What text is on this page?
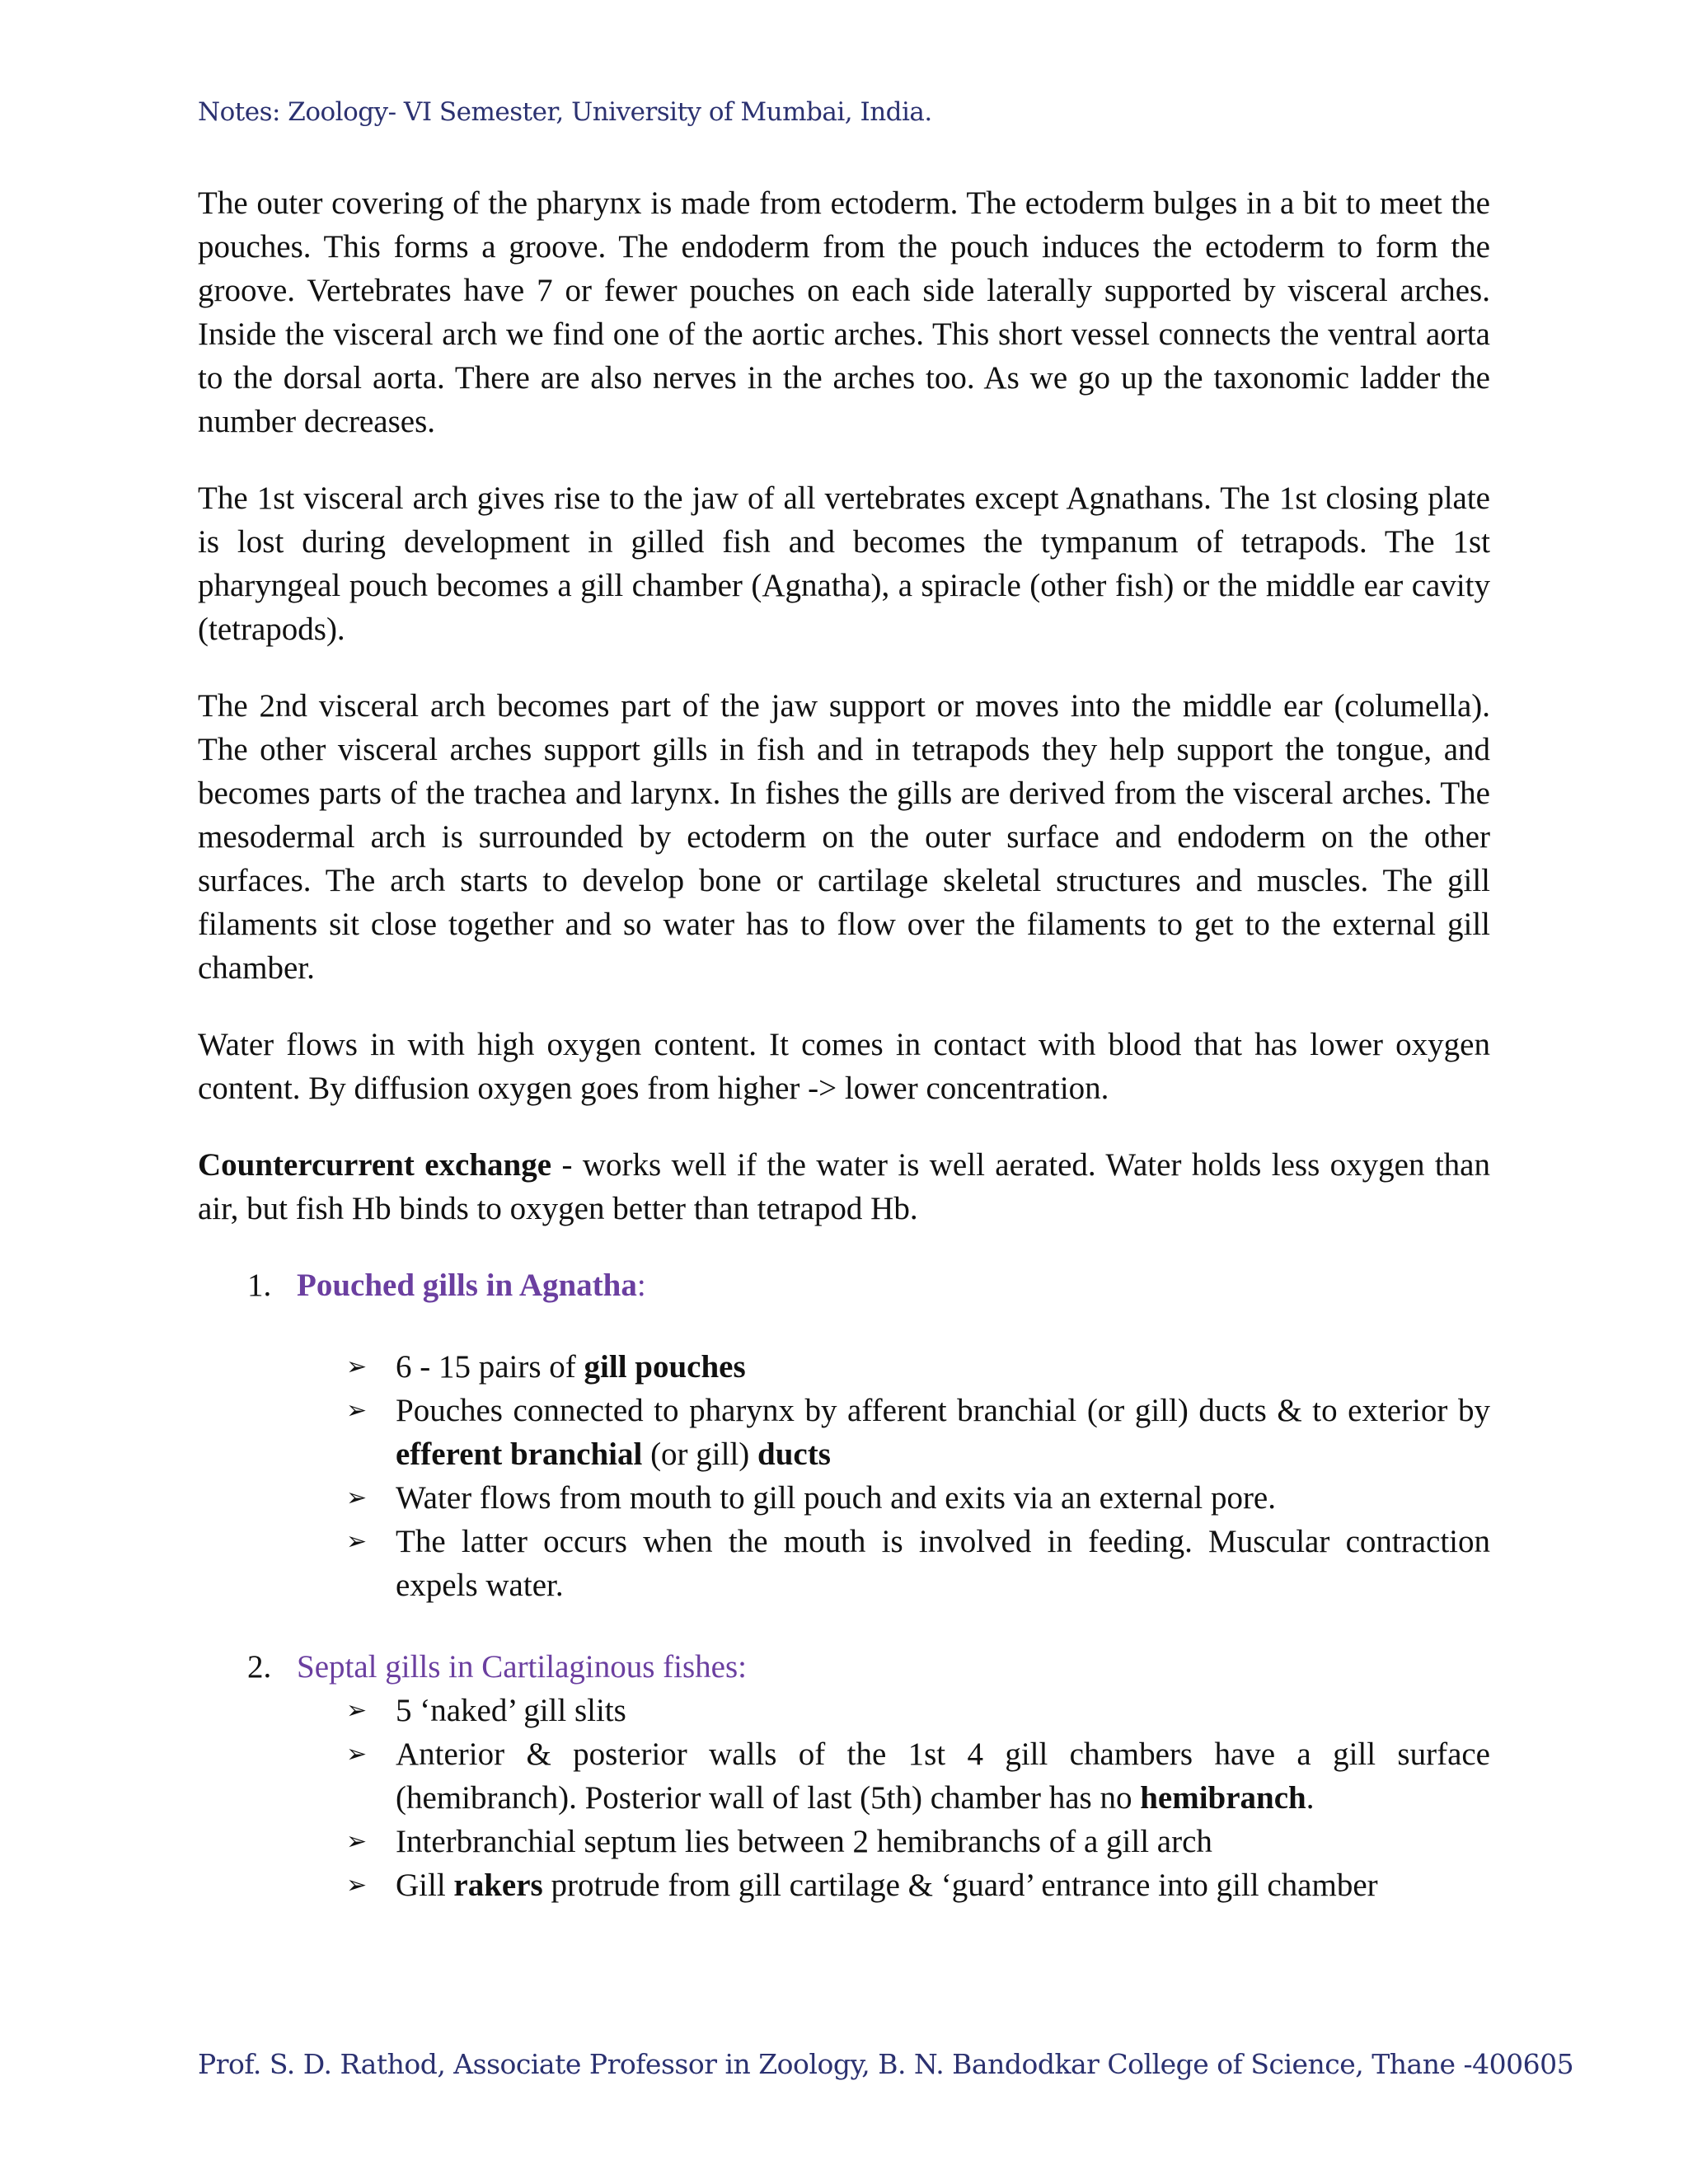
Notes: Zoology- VI Semester, University of Mumbai, India.

The outer covering of the pharynx is made from ectoderm. The ectoderm bulges in a bit to meet the pouches. This forms a groove. The endoderm from the pouch induces the ectoderm to form the groove. Vertebrates have 7 or fewer pouches on each side laterally supported by visceral arches. Inside the visceral arch we find one of the aortic arches. This short vessel connects the ventral aorta to the dorsal aorta. There are also nerves in the arches too. As we go up the taxonomic ladder the number decreases.

The 1st visceral arch gives rise to the jaw of all vertebrates except Agnathans. The 1st closing plate is lost during development in gilled fish and becomes the tympanum of tetrapods. The 1st pharyngeal pouch becomes a gill chamber (Agnatha), a spiracle (other fish) or the middle ear cavity (tetrapods).

The 2nd visceral arch becomes part of the jaw support or moves into the middle ear (columella). The other visceral arches support gills in fish and in tetrapods they help support the tongue, and becomes parts of the trachea and larynx. In fishes the gills are derived from the visceral arches. The mesodermal arch is surrounded by ectoderm on the outer surface and endoderm on the other surfaces. The arch starts to develop bone or cartilage skeletal structures and muscles. The gill filaments sit close together and so water has to flow over the filaments to get to the external gill chamber.

Water flows in with high oxygen content. It comes in contact with blood that has lower oxygen content. By diffusion oxygen goes from higher -> lower concentration.

Countercurrent exchange - works well if the water is well aerated. Water holds less oxygen than air, but fish Hb binds to oxygen better than tetrapod Hb.

1. Pouched gills in Agnatha:

➢ 6 - 15 pairs of gill pouches
➢ Pouches connected to pharynx by afferent branchial (or gill) ducts & to exterior by efferent branchial (or gill) ducts
➢ Water flows from mouth to gill pouch and exits via an external pore.
➢ The latter occurs when the mouth is involved in feeding. Muscular contraction expels water.
2. Septal gills in Cartilaginous fishes:

➢ 5 ‘naked’ gill slits
➢ Anterior & posterior walls of the 1st 4 gill chambers have a gill surface (hemibranch). Posterior wall of last (5th) chamber has no hemibranch.
➢ Interbranchial septum lies between 2 hemibranchs of a gill arch
➢ Gill rakers protrude from gill cartilage & ‘guard’ entrance into gill chamber
Prof. S. D. Rathod, Associate Professor in Zoology, B. N. Bandodkar College of Science, Thane -400605
